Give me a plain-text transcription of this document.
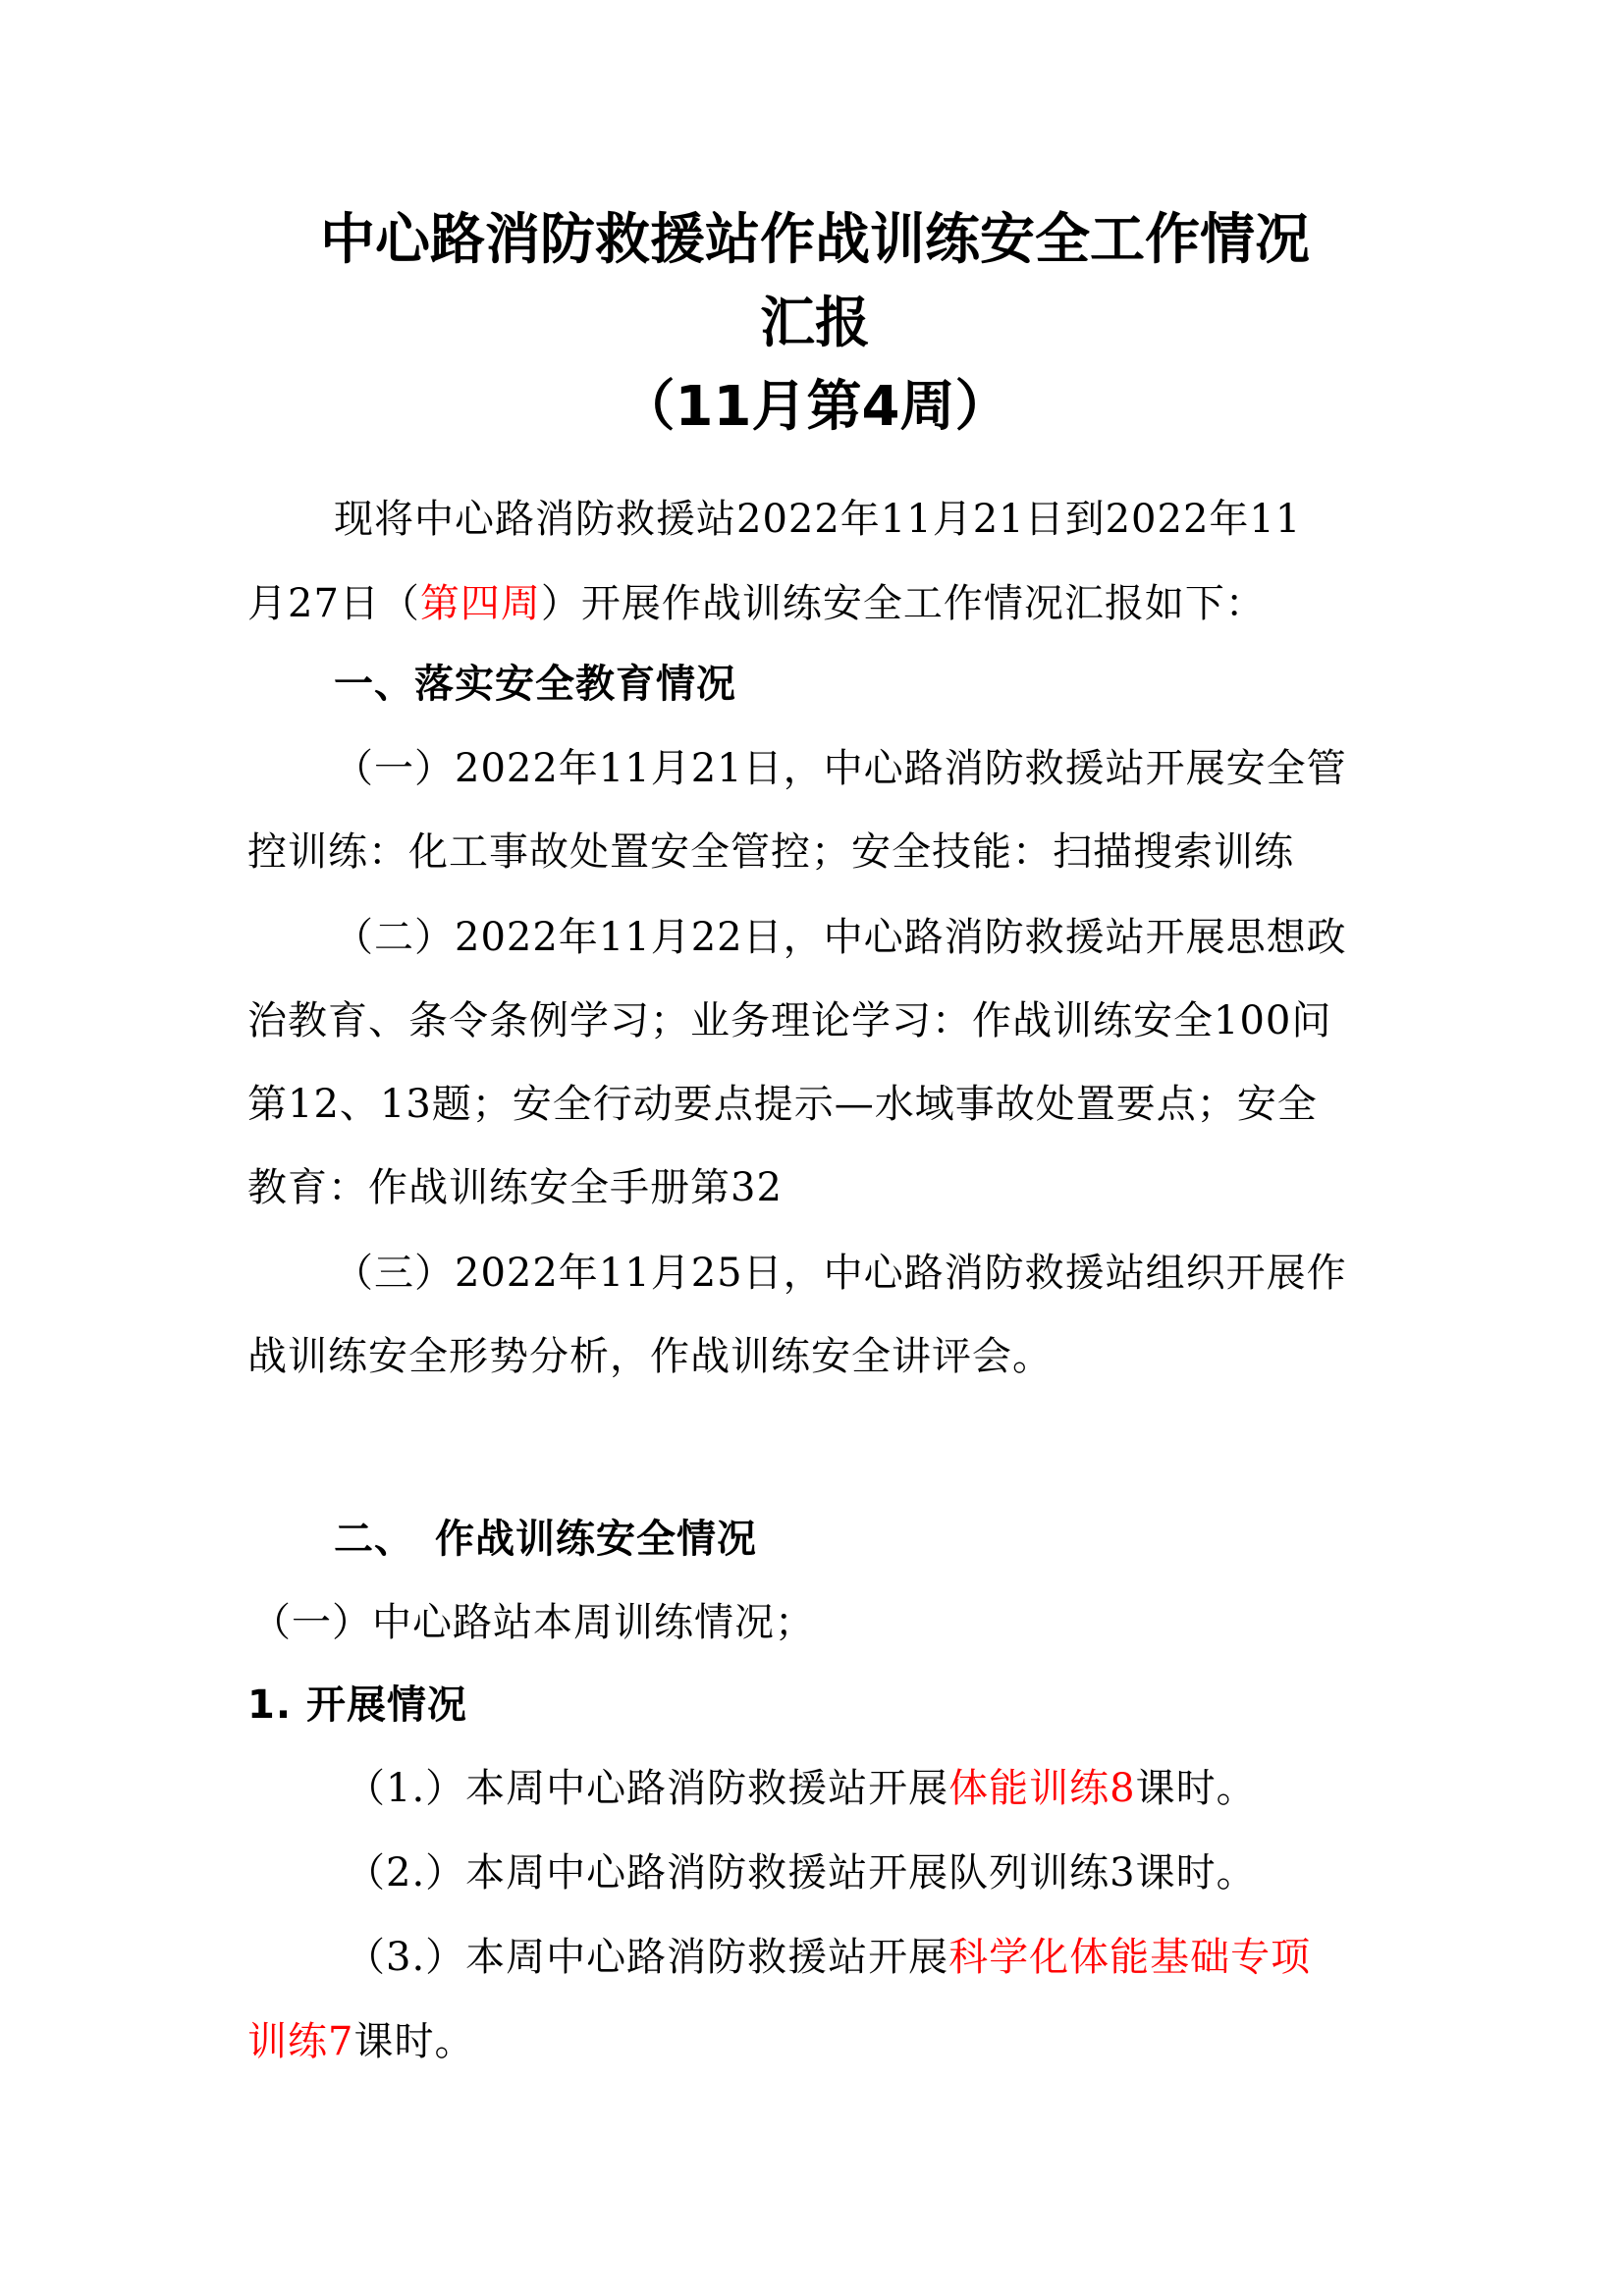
中心路消防救援站作战训练安全工作情况
汇报
（11月第4周）
现将中心路消防救援站2022年11月21日到2022年11
月27日（第四周）开展作战训练安全工作情况汇报如下：
一、落实安全教育情况
（一）2022年11月21日，中心路消防救援站开展安全管
控训练：化工事故处置安全管控；安全技能：扫描搜索训练
（二）2022年11月22日，中心路消防救援站开展思想政
治教育、条令条例学习；业务理论学习：作战训练安全100问
第12、13题；安全行动要点提示—水域事故处置要点；安全
教育：作战训练安全手册第32
（三）2022年11月25日，中心路消防救援站组织开展作
战训练安全形势分析，作战训练安全讲评会。
二、　作战训练安全情况
（一）中心路站本周训练情况；
1. 开展情况
（1.）本周中心路消防救援站开展体能训练8课时。
（2.）本周中心路消防救援站开展队列训练3课时。
（3.）本周中心路消防救援站开展科学化体能基础专项
训练7课时。
